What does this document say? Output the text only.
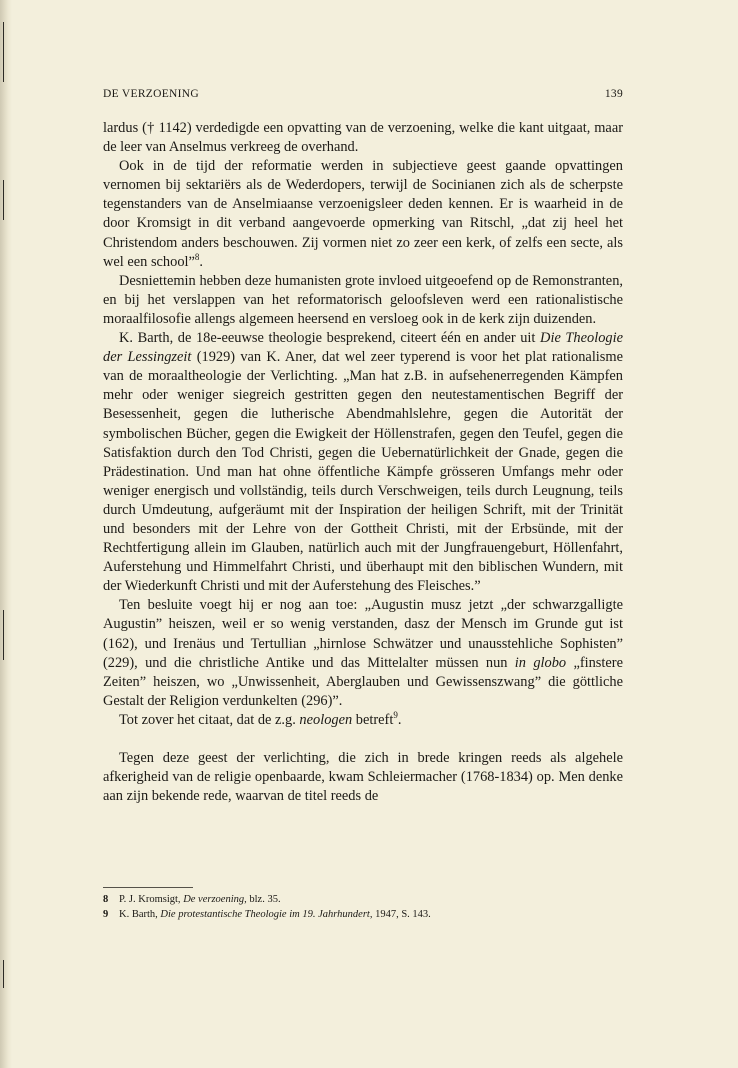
DE VERZOENING	139

lardus († 1142) verdedigde een opvatting van de verzoening, welke die kant uitgaat, maar de leer van Anselmus verkreeg de overhand.

Ook in de tijd der reformatie werden in subjectieve geest gaande opvattingen vernomen bij sektariërs als de Wederdopers, terwijl de Socinianen zich als de scherpste tegenstanders van de Anselmiaanse verzoenigsleer deden kennen. Er is waarheid in de door Kromsigt in dit verband aangevoerde opmerking van Ritschl, „dat zij heel het Christendom anders beschouwen. Zij vormen niet zo zeer een kerk, of zelfs een secte, als wel een school”$^8$.

Desniettemin hebben deze humanisten grote invloed uitgeoefend op de Remonstranten, en bij het verslappen van het reformatorisch geloofsleven werd een rationalistische moraalfilosofie allengs algemeen heersend en versloeg ook in de kerk zijn duizenden.

K. Barth, de 18e-eeuwse theologie besprekend, citeert één en ander uit Die Theologie der Lessingzeit (1929) van K. Aner, dat wel zeer typerend is voor het plat rationalisme van de moraaltheologie der Verlichting. „Man hat z.B. in aufsehenerregenden Kämpfen mehr oder weniger siegreich gestritten gegen den neutestamentischen Begriff der Besessenheit, gegen die lutherische Abendmahlslehre, gegen die Autorität der symbolischen Bücher, gegen die Ewigkeit der Höllenstrafen, gegen den Teufel, gegen die Satisfaktion durch den Tod Christi, gegen die Uebernatürlichkeit der Gnade, gegen die Prädestination. Und man hat ohne öffentliche Kämpfe grösseren Umfangs mehr oder weniger energisch und vollständig, teils durch Verschweigen, teils durch Leugnung, teils durch Umdeutung, aufgeräumt mit der Inspiration der heiligen Schrift, mit der Trinität und besonders mit der Lehre von der Gottheit Christi, mit der Erbsünde, mit der Rechtfertigung allein im Glauben, natürlich auch mit der Jungfrauengeburt, Höllenfahrt, Auferstehung und Himmelfahrt Christi, und überhaupt mit den biblischen Wundern, mit der Wiederkunft Christi und mit der Auferstehung des Fleisches.”

Ten besluite voegt hij er nog aan toe: „Augustin musz jetzt „der schwarzgalligte Augustin” heiszen, weil er so wenig verstanden, dasz der Mensch im Grunde gut ist (162), und Irenäus und Tertullian „hirnlose Schwätzer und unausstehliche Sophisten” (229), und die christliche Antike und das Mittelalter müssen nun in globo „finstere Zeiten” heiszen, wo „Unwissenheit, Aberglauben und Gewissenszwang” die göttliche Gestalt der Religion verdunkelten (296)”.

Tot zover het citaat, dat de z.g. neologen betreft$^9$.

Tegen deze geest der verlichting, die zich in brede kringen reeds als algehele afkerigheid van de religie openbaarde, kwam Schleiermacher (1768-1834) op. Men denke aan zijn bekende rede, waarvan de titel reeds de

8	P. J. Kromsigt, De verzoening, blz. 35.
9	K. Barth, Die protestantische Theologie im 19. Jahrhundert, 1947, S. 143.
